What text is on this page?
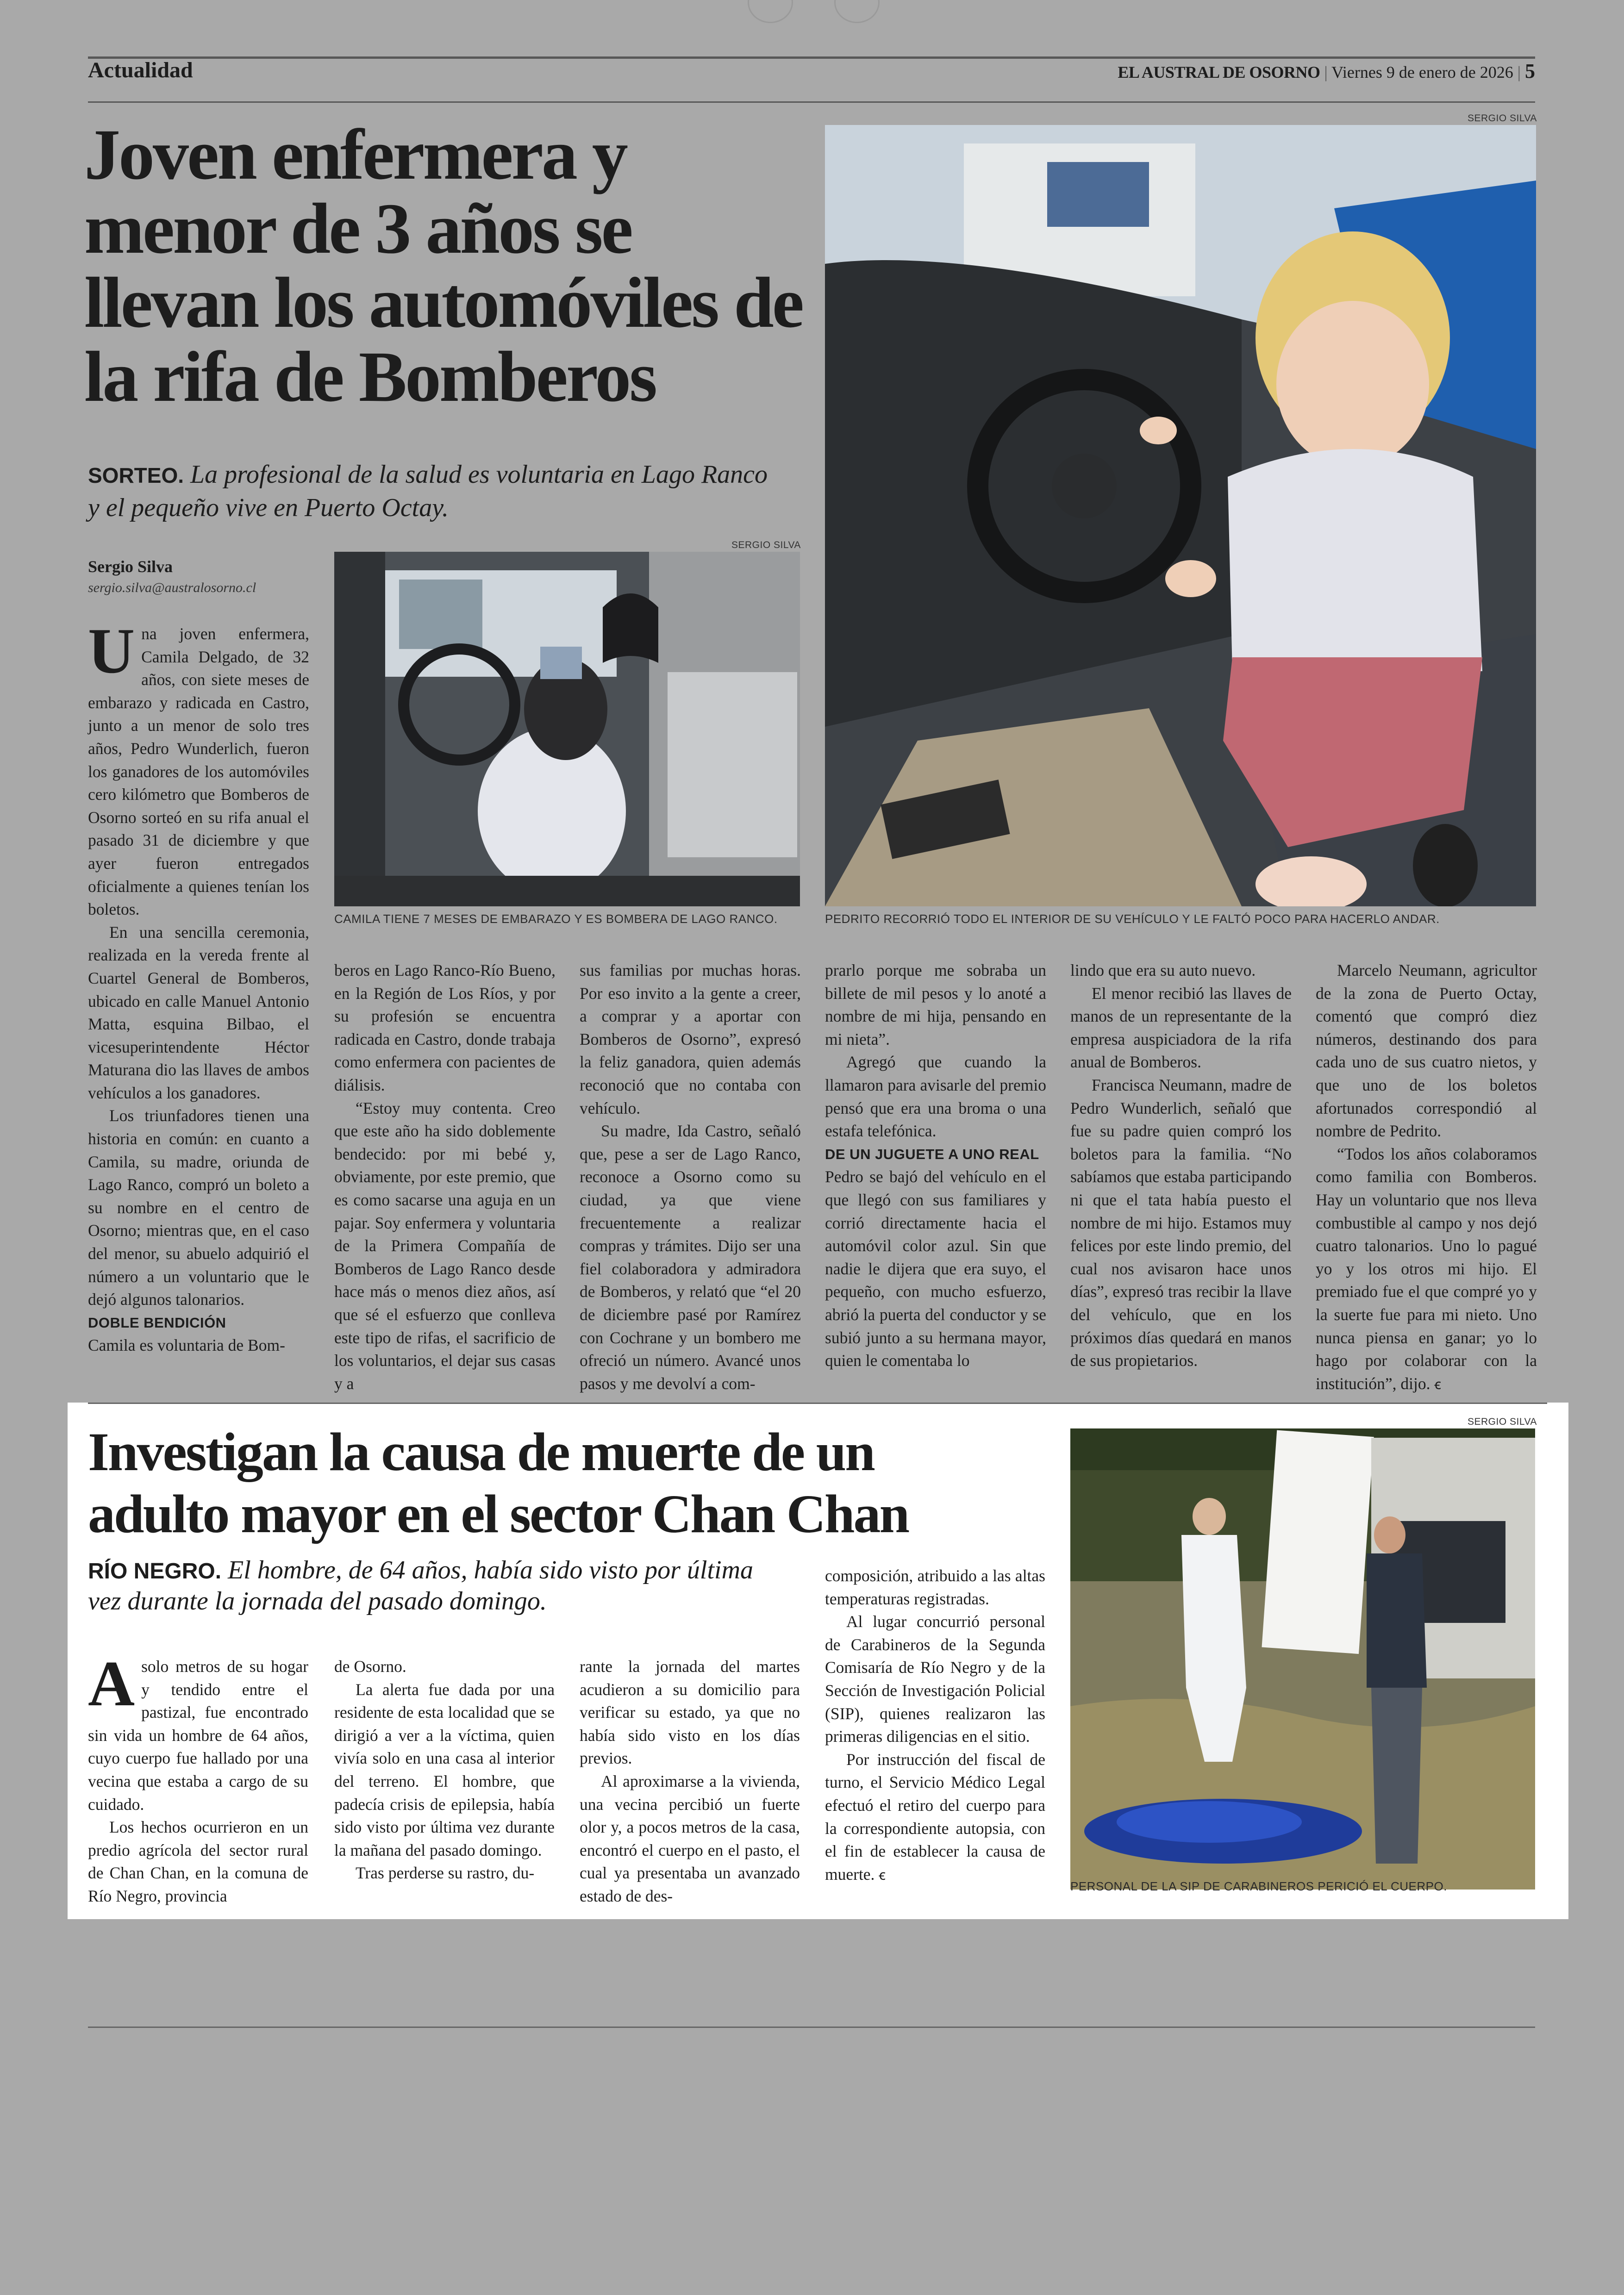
Actualidad	EL AUSTRAL DE OSORNO | Viernes 9 de enero de 2026 | 5
Joven enfermera y menor de 3 años se llevan los automóviles de la rifa de Bomberos
SORTEO. La profesional de la salud es voluntaria en Lago Ranco y el pequeño vive en Puerto Octay.
Sergio Silva
sergio.silva@australosorno.cl
SERGIO SILVA
CAMILA TIENE 7 MESES DE EMBARAZO Y ES BOMBERA DE LAGO RANCO.
SERGIO SILVA
PEDRITO RECORRIÓ TODO EL INTERIOR DE SU VEHÍCULO Y LE FALTÓ POCO PARA HACERLO ANDAR.

Una joven enfermera, Camila Delgado, de 32 años, con siete meses de embarazo y radicada en Castro, junto a un menor de solo tres años, Pedro Wunderlich, fueron los ganadores de los automóviles cero kilómetro que Bomberos de Osorno sorteó en su rifa anual el pasado 31 de diciembre y que ayer fueron entregados oficialmente a quienes tenían los boletos.

En una sencilla ceremonia, realizada en la vereda frente al Cuartel General de Bomberos, ubicado en calle Manuel Antonio Matta, esquina Bilbao, el vicesuperintendente Héctor Maturana dio las llaves de ambos vehículos a los ganadores.

Los triunfadores tienen una historia en común: en cuanto a Camila, su madre, oriunda de Lago Ranco, compró un boleto a su nombre en el centro de Osorno; mientras que, en el caso del menor, su abuelo adquirió el número a un voluntario que le dejó algunos talonarios.

DOBLE BENDICIÓN

Camila es voluntaria de Bom-

beros en Lago Ranco-Río Bueno, en la Región de Los Ríos, y por su profesión se encuentra radicada en Castro, donde trabaja como enfermera con pacientes de diálisis.

“Estoy muy contenta. Creo que este año ha sido doblemente bendecido: por mi bebé y, obviamente, por este premio, que es como sacarse una aguja en un pajar. Soy enfermera y voluntaria de la Primera Compañía de Bomberos de Lago Ranco desde hace más o menos diez años, así que sé el esfuerzo que conlleva este tipo de rifas, el sacrificio de los voluntarios, el dejar sus casas y a

sus familias por muchas horas. Por eso invito a la gente a creer, a comprar y a aportar con Bomberos de Osorno”, expresó la feliz ganadora, quien además reconoció que no contaba con vehículo.

Su madre, Ida Castro, señaló que, pese a ser de Lago Ranco, reconoce a Osorno como su ciudad, ya que viene frecuentemente a realizar compras y trámites. Dijo ser una fiel colaboradora y admiradora de Bomberos, y relató que “el 20 de diciembre pasé por Ramírez con Cochrane y un bombero me ofreció un número. Avancé unos pasos y me devolví a com-

prarlo porque me sobraba un billete de mil pesos y lo anoté a nombre de mi hija, pensando en mi nieta”.

Agregó que cuando la llamaron para avisarle del premio pensó que era una broma o una estafa telefónica.

DE UN JUGUETE A UNO REAL

Pedro se bajó del vehículo en el que llegó con sus familiares y corrió directamente hacia el automóvil color azul. Sin que nadie le dijera que era suyo, el pequeño, con mucho esfuerzo, abrió la puerta del conductor y se subió junto a su hermana mayor, quien le comentaba lo

lindo que era su auto nuevo.

El menor recibió las llaves de manos de un representante de la empresa auspiciadora de la rifa anual de Bomberos.

Francisca Neumann, madre de Pedro Wunderlich, señaló que fue su padre quien compró los boletos para la familia. “No sabíamos que estaba participando ni que el tata había puesto el nombre de mi hijo. Estamos muy felices por este lindo premio, del cual nos avisaron hace unos días”, expresó tras recibir la llave del vehículo, que en los próximos días quedará en manos de sus propietarios.

Marcelo Neumann, agricultor de la zona de Puerto Octay, comentó que compró diez números, destinando dos para cada uno de sus cuatro nietos, y que uno de los boletos afortunados correspondió al nombre de Pedrito.

“Todos los años colaboramos como familia con Bomberos. Hay un voluntario que nos lleva combustible al campo y nos dejó cuatro talonarios. Uno lo pagué yo y los otros mi hijo. El premiado fue el que compré yo y la suerte fue para mi nieto. Uno nunca piensa en ganar; yo lo hago por colaborar con la institución”, dijo. ꞓ

Investigan la causa de muerte de un adulto mayor en el sector Chan Chan
RÍO NEGRO. El hombre, de 64 años, había sido visto por última vez durante la jornada del pasado domingo.

Asolo metros de su hogar y tendido entre el pastizal, fue encontrado sin vida un hombre de 64 años, cuyo cuerpo fue hallado por una vecina que estaba a cargo de su cuidado.

Los hechos ocurrieron en un predio agrícola del sector rural de Chan Chan, en la comuna de Río Negro, provincia

de Osorno.

La alerta fue dada por una residente de esta localidad que se dirigió a ver a la víctima, quien vivía solo en una casa al interior del terreno. El hombre, que padecía crisis de epilepsia, había sido visto por última vez durante la mañana del pasado domingo.

Tras perderse su rastro, du-

rante la jornada del martes acudieron a su domicilio para verificar su estado, ya que no había sido visto en los días previos.

Al aproximarse a la vivienda, una vecina percibió un fuerte olor y, a pocos metros de la casa, encontró el cuerpo en el pasto, el cual ya presentaba un avanzado estado de des-

composición, atribuido a las altas temperaturas registradas.

Al lugar concurrió personal de Carabineros de la Segunda Comisaría de Río Negro y de la Sección de Investigación Policial (SIP), quienes realizaron las primeras diligencias en el sitio.

Por instrucción del fiscal de turno, el Servicio Médico Legal efectuó el retiro del cuerpo para la correspondiente autopsia, con el fin de establecer la causa de muerte. ꞓ

SERGIO SILVA
PERSONAL DE LA SIP DE CARABINEROS PERICIÓ EL CUERPO.
